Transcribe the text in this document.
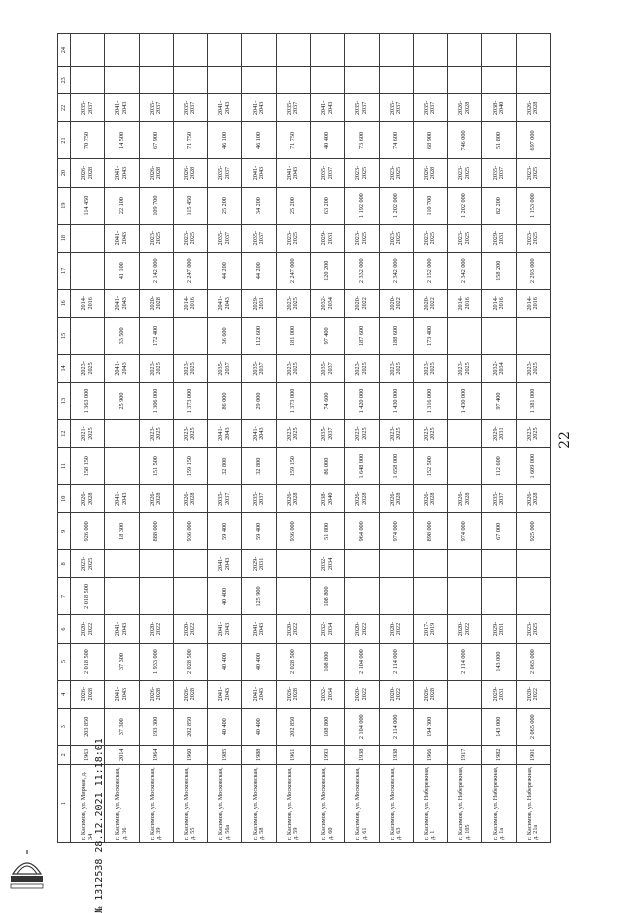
22
1	2	3	4	5	6	7	8	9	10	11	12	13	14	15	16	17	18	19	20	21	22	23	24
г. Касимов, ул. Мирная, д. 34	1963	203 850	2026-2028	2 018 500	2020-2022	2 018 500	2023-2025	926 000	2026-2028	158 150	2021-2025	1 363 000	2023-2025		2014-2016			114 450	2026-2028	70 750	2035-2037		
г. Касимов, ул. Московская, д. 36	2014	37 300	2041-2043	37 300	2041-2043			18 300	2041-2043			25 900	2041-2043	33 500	2041-2043	41 100	2041-2043	22 100	2041-2043	14 500	2041-2043		
г. Касимов, ул. Московская, д. 39	1964	193 300	2026-2028	1 933 000	2020-2022			888 000	2026-2028	151 500	2023-2025	1 306 000	2023-2025	172 400	2020-2028	2 142 000	2023-2025	109 700	2026-2028	67 900	2035-2037		
г. Касимов, ул. Московская, д. 55	1960	202 850	2026-2028	2 028 500	2020-2022			936 000	2026-2028	159 150	2023-2025	1 373 000	2023-2025		2014-2016	2 247 000	2023-2025	115 450	2026-2028	71 750	2035-2037		
г. Касимов, ул. Московская, д. 56а	1985	40 400	2041-2043	40 400	2041-2043	40 400	2041-2043	59 400	2035-2037	32 800	2041-2043	86 000	2035-2037	36 600	2041-2043	44 200	2035-2037	25 200	2035-2037	46 100	2041-2043		
г. Касимов, ул. Московская, д. 58	1988	40 400	2041-2043	40 400	2041-2043	125 900	2029-2031	59 400	2035-2037	32 800	2041-2043	29 000	2035-2037	112 600	2029-2031	44 200	2035-2037	34 200	2041-2043	46 100	2041-2043		
г. Касимов, ул. Московская, д. 59	1961	202 850	2026-2028	2 028 500	2020-2022			936 000	2026-2028	159 150	2023-2025	1 373 000	2023-2025	181 000	2023-2025	2 247 000	2023-2025	25 200	2041-2043	71 750	2035-2037		
г. Касимов, ул. Московская, д. 60	1993	108 800	2032-2034	108 800	2032-2034	108 800	2032-2034	51 800	2038-2040	86 000	2035-2037	74 600	2035-2037	97 400	2032-2034	120 200	2029-2031	63 200	2035-2037	40 400	2041-2043		
г. Касимов, ул. Московская, д. 61	1938	2 104 000	2020-2022	2 104 000	2020-2022			964 000	2026-2028	1 648 000	2023-2025	1 420 000	2023-2025	187 600	2020-2022	2 332 000	2023-2025	1 192 000	2023-2025	73 600	2035-2037		
г. Касимов, ул. Московская, д. 63	1938	2 114 000	2020-2022	2 114 000	2020-2022			974 000	2026-2028	1 658 000	2023-2025	1 430 000	2023-2025	188 600	2020-2022	2 342 000	2023-2025	1 202 000	2023-2025	74 600	2035-2037		
г. Касимов, ул. Набережная, д. 1	1966	194 300	2026-2028		2017-2019			898 000	2026-2028	152 500	2023-2025	1 316 000	2023-2025	173 400	2020-2022	2 152 000	2023-2025	110 700	2026-2028	68 900	2035-2037		
г. Касимов, ул. Набережная, д. 105	1917			2 114 000	2020-2022			974 000	2026-2028			1 430 000	2023-2025		2014-2016	2 342 000	2023-2025	1 202 000	2023-2025	746 000	2026-2028		
г. Касимов, ул. Набережная, д. 1а	1982	143 000	2029-2031	143 000	2029-2031			67 000	2035-2037	112 600	2029-2031	97 400	2032-2034		2014-2016	158 200	2029-2031	82 200	2035-2037	51 800	2038-2040		
г. Касимов, ул. Набережная, д. 21а	1901	2 065 000	2020-2022	2 065 000	2023-2025			925 000	2026-2028	1 609 000	2023-2025	1 381 000	2023-2025		2014-2016	2 293 000	2023-2025	1 153 000	2023-2025	697 000	2026-2028		
№ 1312538 28.12.2021 11:18:01
